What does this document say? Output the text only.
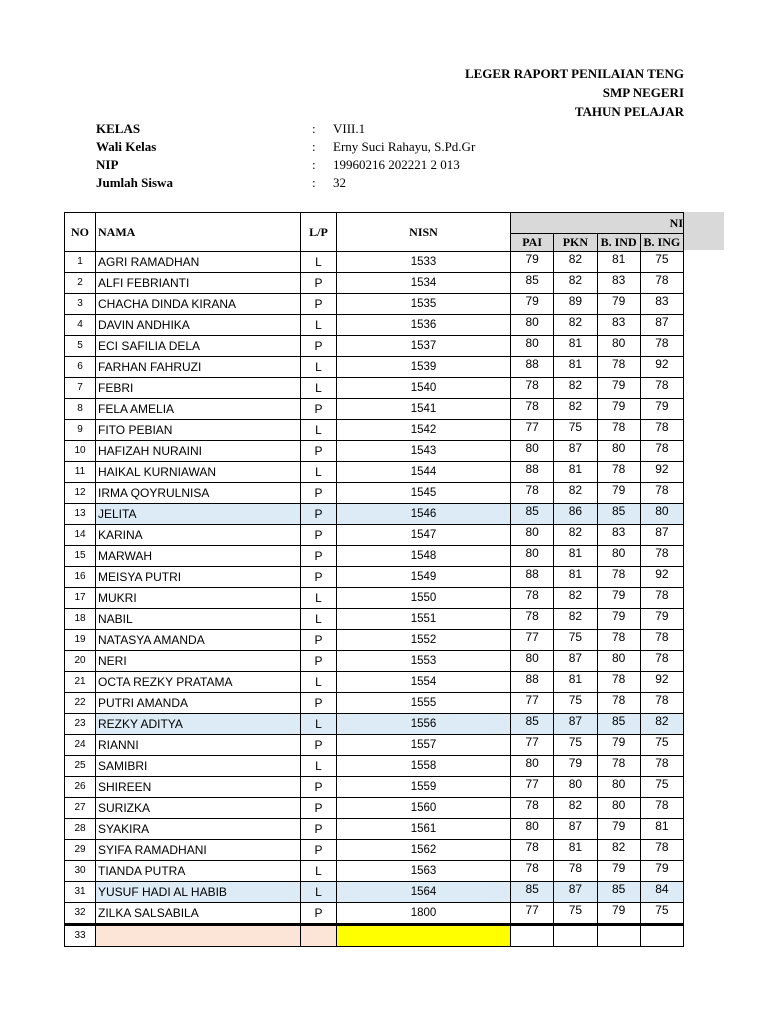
LEGER RAPORT PENILAIAN TENG
SMP NEGERI
TAHUN PELAJAR
KELAS	: VIII.1
Wali Kelas	: Erny Suci Rahayu, S.Pd.Gr
NIP	: 19960216 202221 2 013
Jumlah Siswa	: 32
NO	NAMA	L/P	NISN	NI			
				PAI	PKN	B. IND	B. ING
1	AGRI RAMADHAN	L	1533	79	82	81	75
2	ALFI FEBRIANTI	P	1534	85	82	83	78
3	CHACHA DINDA KIRANA	P	1535	79	89	79	83
4	DAVIN ANDHIKA	L	1536	80	82	83	87
5	ECI SAFILIA DELA	P	1537	80	81	80	78
6	FARHAN FAHRUZI	L	1539	88	81	78	92
7	FEBRI	L	1540	78	82	79	78
8	FELA AMELIA	P	1541	78	82	79	79
9	FITO PEBIAN	L	1542	77	75	78	78
10	HAFIZAH NURAINI	P	1543	80	87	80	78
11	HAIKAL KURNIAWAN	L	1544	88	81	78	92
12	IRMA QOYRULNISA	P	1545	78	82	79	78
13	JELITA	P	1546	85	86	85	80
14	KARINA	P	1547	80	82	83	87
15	MARWAH	P	1548	80	81	80	78
16	MEISYA PUTRI	P	1549	88	81	78	92
17	MUKRI	L	1550	78	82	79	78
18	NABIL	L	1551	78	82	79	79
19	NATASYA AMANDA	P	1552	77	75	78	78
20	NERI	P	1553	80	87	80	78
21	OCTA REZKY PRATAMA	L	1554	88	81	78	92
22	PUTRI AMANDA	P	1555	77	75	78	78
23	REZKY ADITYA	L	1556	85	87	85	82
24	RIANNI	P	1557	77	75	79	75
25	SAMIBRI	L	1558	80	79	78	78
26	SHIREEN	P	1559	77	80	80	75
27	SURIZKA	P	1560	78	82	80	78
28	SYAKIRA	P	1561	80	87	79	81
29	SYIFA RAMADHANI	P	1562	78	81	82	78
30	TIANDA PUTRA	L	1563	78	78	79	79
31	YUSUF HADI AL HABIB	L	1564	85	87	85	84
32	ZILKA SALSABILA	P	1800	77	75	79	75
33							
